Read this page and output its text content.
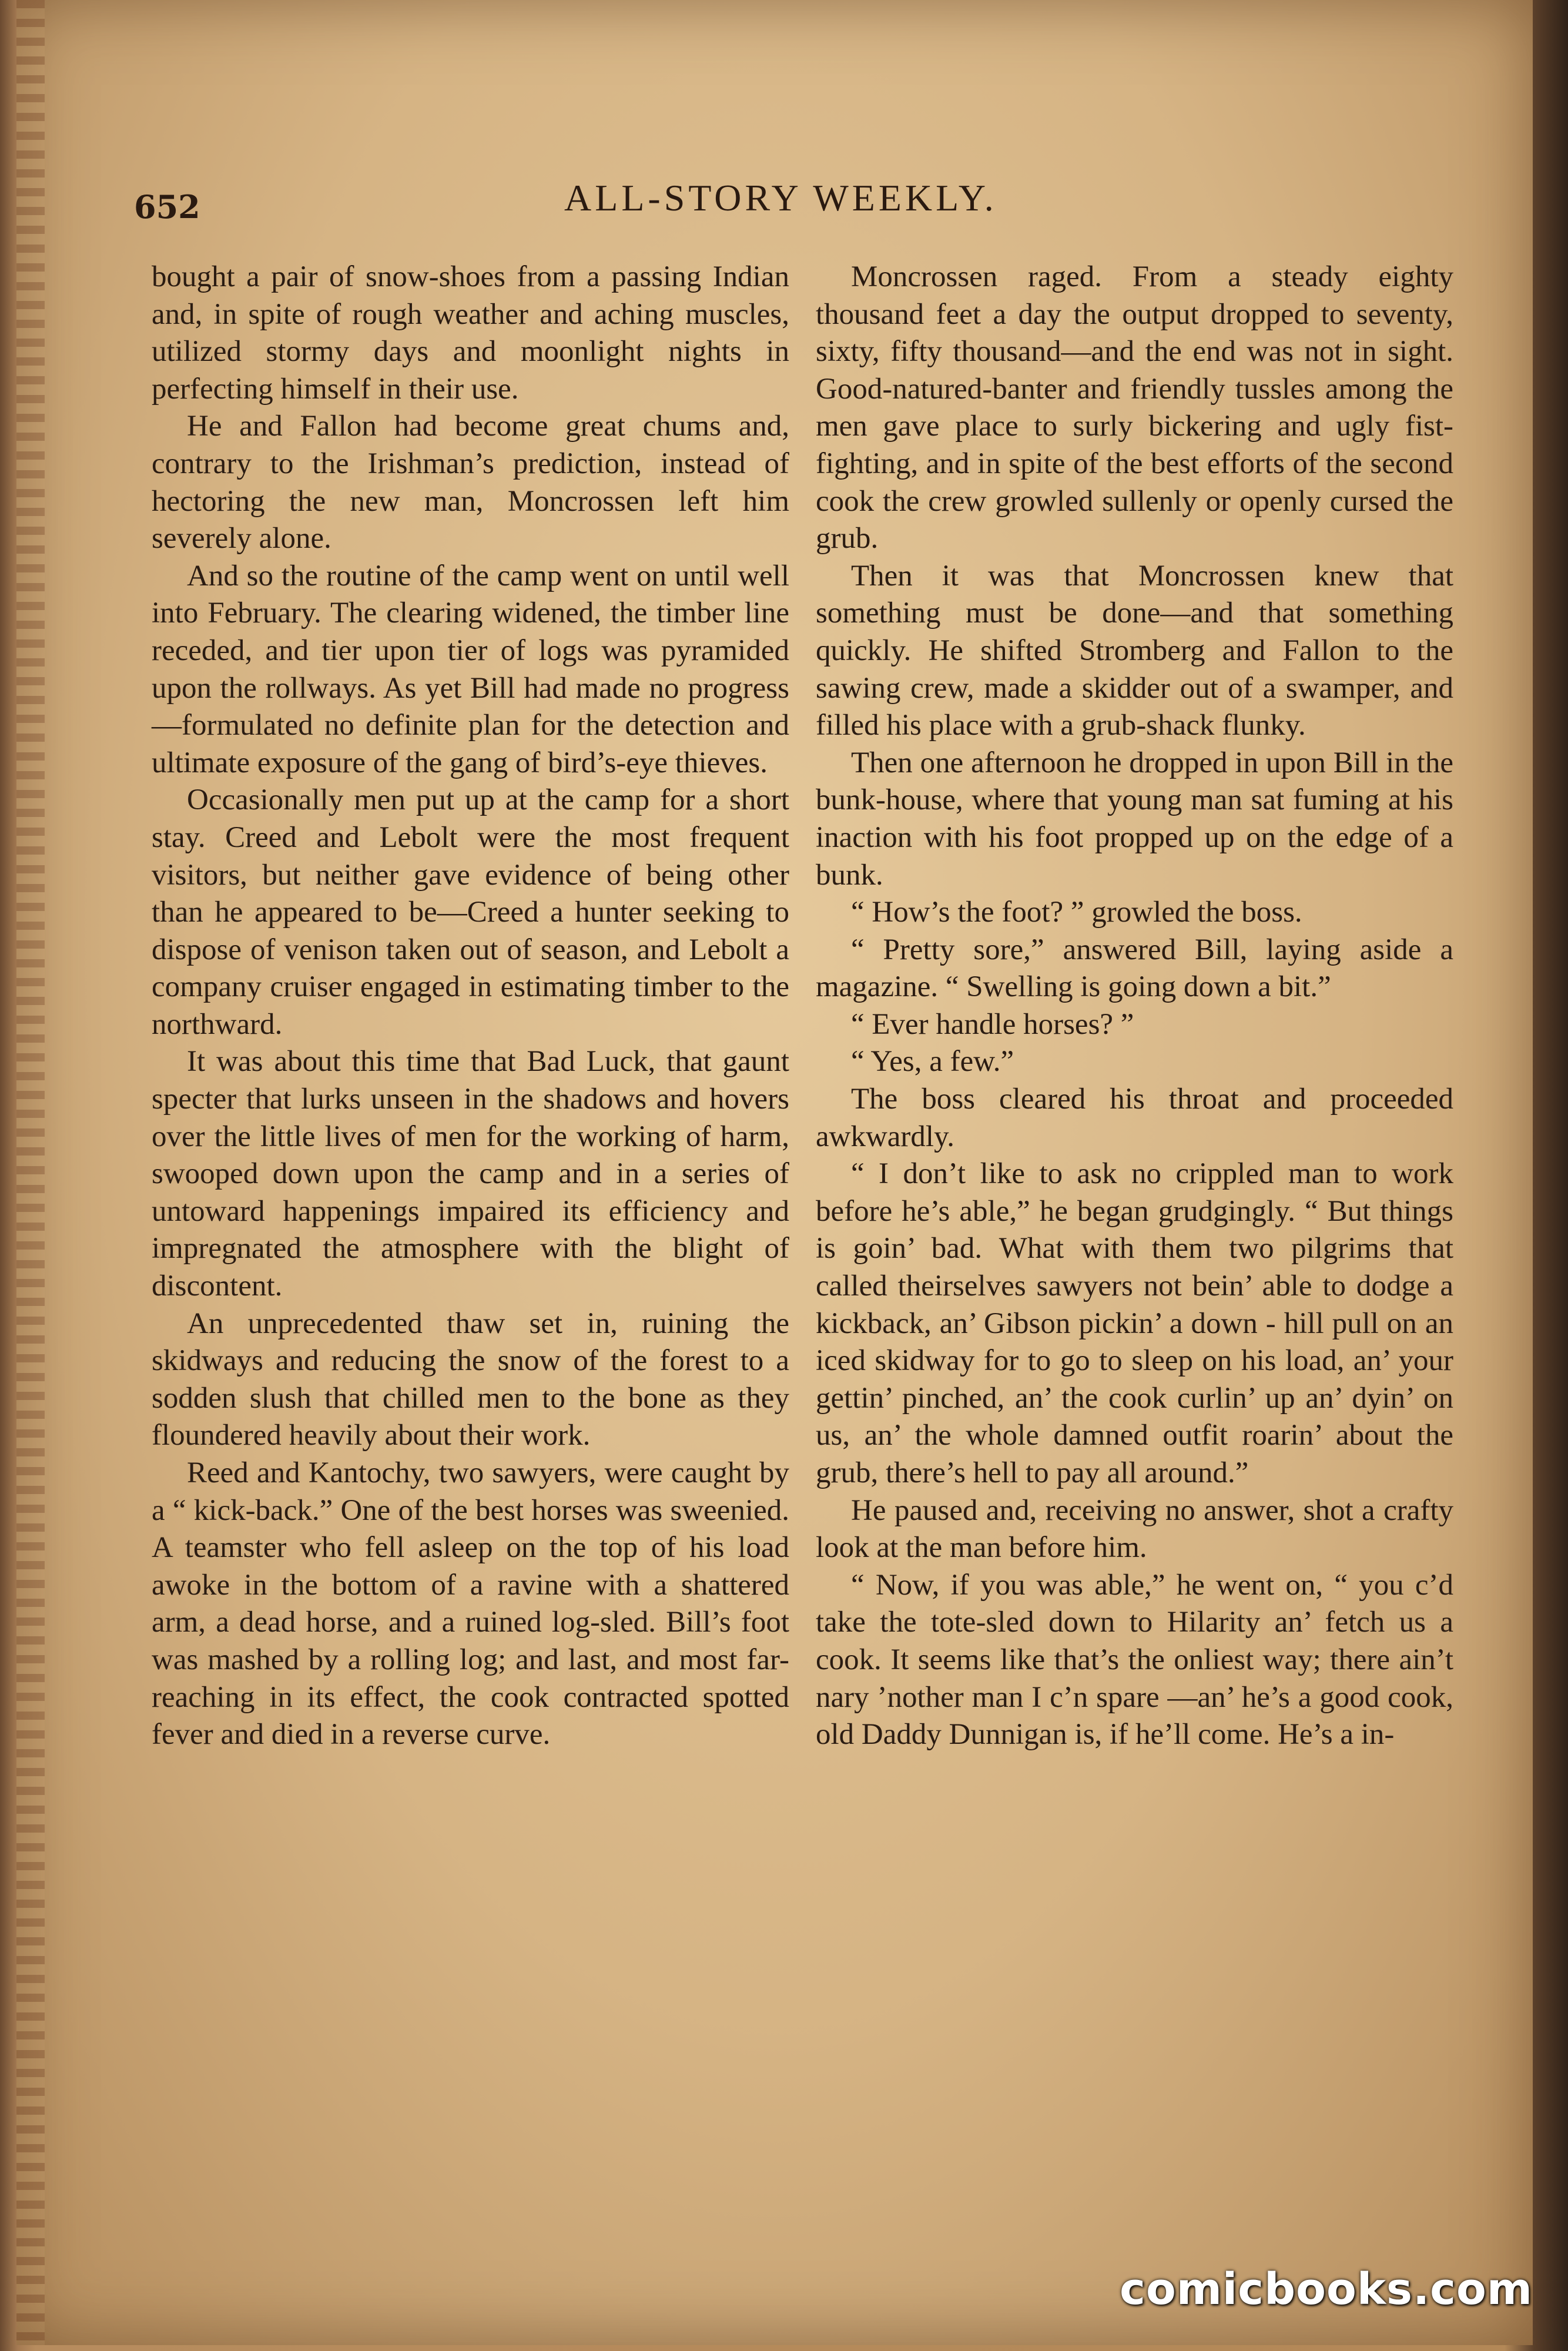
652	ALL-STORY WEEKLY.

bought a pair of snow-shoes from a passing Indian and, in spite of rough weather and aching muscles, utilized stormy days and moonlight nights in perfecting himself in their use.

He and Fallon had become great chums and, contrary to the Irishman’s prediction, instead of hectoring the new man, Moncrossen left him severely alone.

And so the routine of the camp went on until well into February. The clearing widened, the timber line receded, and tier upon tier of logs was pyramided upon the rollways. As yet Bill had made no progress—formulated no definite plan for the detection and ultimate exposure of the gang of bird’s-eye thieves.

Occasionally men put up at the camp for a short stay. Creed and Lebolt were the most frequent visitors, but neither gave evidence of being other than he appeared to be—Creed a hunter seeking to dispose of venison taken out of season, and Lebolt a company cruiser engaged in estimating timber to the northward.

It was about this time that Bad Luck, that gaunt specter that lurks unseen in the shadows and hovers over the little lives of men for the working of harm, swooped down upon the camp and in a series of untoward happenings impaired its efficiency and impregnated the atmosphere with the blight of discontent.

An unprecedented thaw set in, ruining the skidways and reducing the snow of the forest to a sodden slush that chilled men to the bone as they floundered heavily about their work.

Reed and Kantochy, two sawyers, were caught by a “ kick-back.” One of the best horses was sweenied. A teamster who fell asleep on the top of his load awoke in the bottom of a ravine with a shattered arm, a dead horse, and a ruined log-sled. Bill’s foot was mashed by a rolling log; and last, and most far-reaching in its effect, the cook contracted spotted fever and died in a reverse curve.

Moncrossen raged. From a steady eighty thousand feet a day the output dropped to seventy, sixty, fifty thousand—and the end was not in sight. Good-natured-banter and friendly tussles among the men gave place to surly bickering and ugly fist-fighting, and in spite of the best efforts of the second cook the crew growled sullenly or openly cursed the grub.

Then it was that Moncrossen knew that something must be done—and that something quickly. He shifted Stromberg and Fallon to the sawing crew, made a skidder out of a swamper, and filled his place with a grub-shack flunky.

Then one afternoon he dropped in upon Bill in the bunk-house, where that young man sat fuming at his inaction with his foot propped up on the edge of a bunk.

“ How’s the foot? ” growled the boss.

“ Pretty sore,” answered Bill, laying aside a magazine. “ Swelling is going down a bit.”

“ Ever handle horses? ”

“ Yes, a few.”

The boss cleared his throat and proceeded awkwardly.

“ I don’t like to ask no crippled man to work before he’s able,” he began grudgingly. “ But things is goin’ bad. What with them two pilgrims that called theirselves sawyers not bein’ able to dodge a kickback, an’ Gibson pickin’ a down - hill pull on an iced skidway for to go to sleep on his load, an’ your gettin’ pinched, an’ the cook curlin’ up an’ dyin’ on us, an’ the whole damned outfit roarin’ about the grub, there’s hell to pay all around.”

He paused and, receiving no answer, shot a crafty look at the man before him.

“ Now, if you was able,” he went on, “ you c’d take the tote-sled down to Hilarity an’ fetch us a cook. It seems like that’s the onliest way; there ain’t nary ’nother man I c’n spare —an’ he’s a good cook, old Daddy Dunnigan is, if he’ll come. He’s a in-

comicbooks.com
